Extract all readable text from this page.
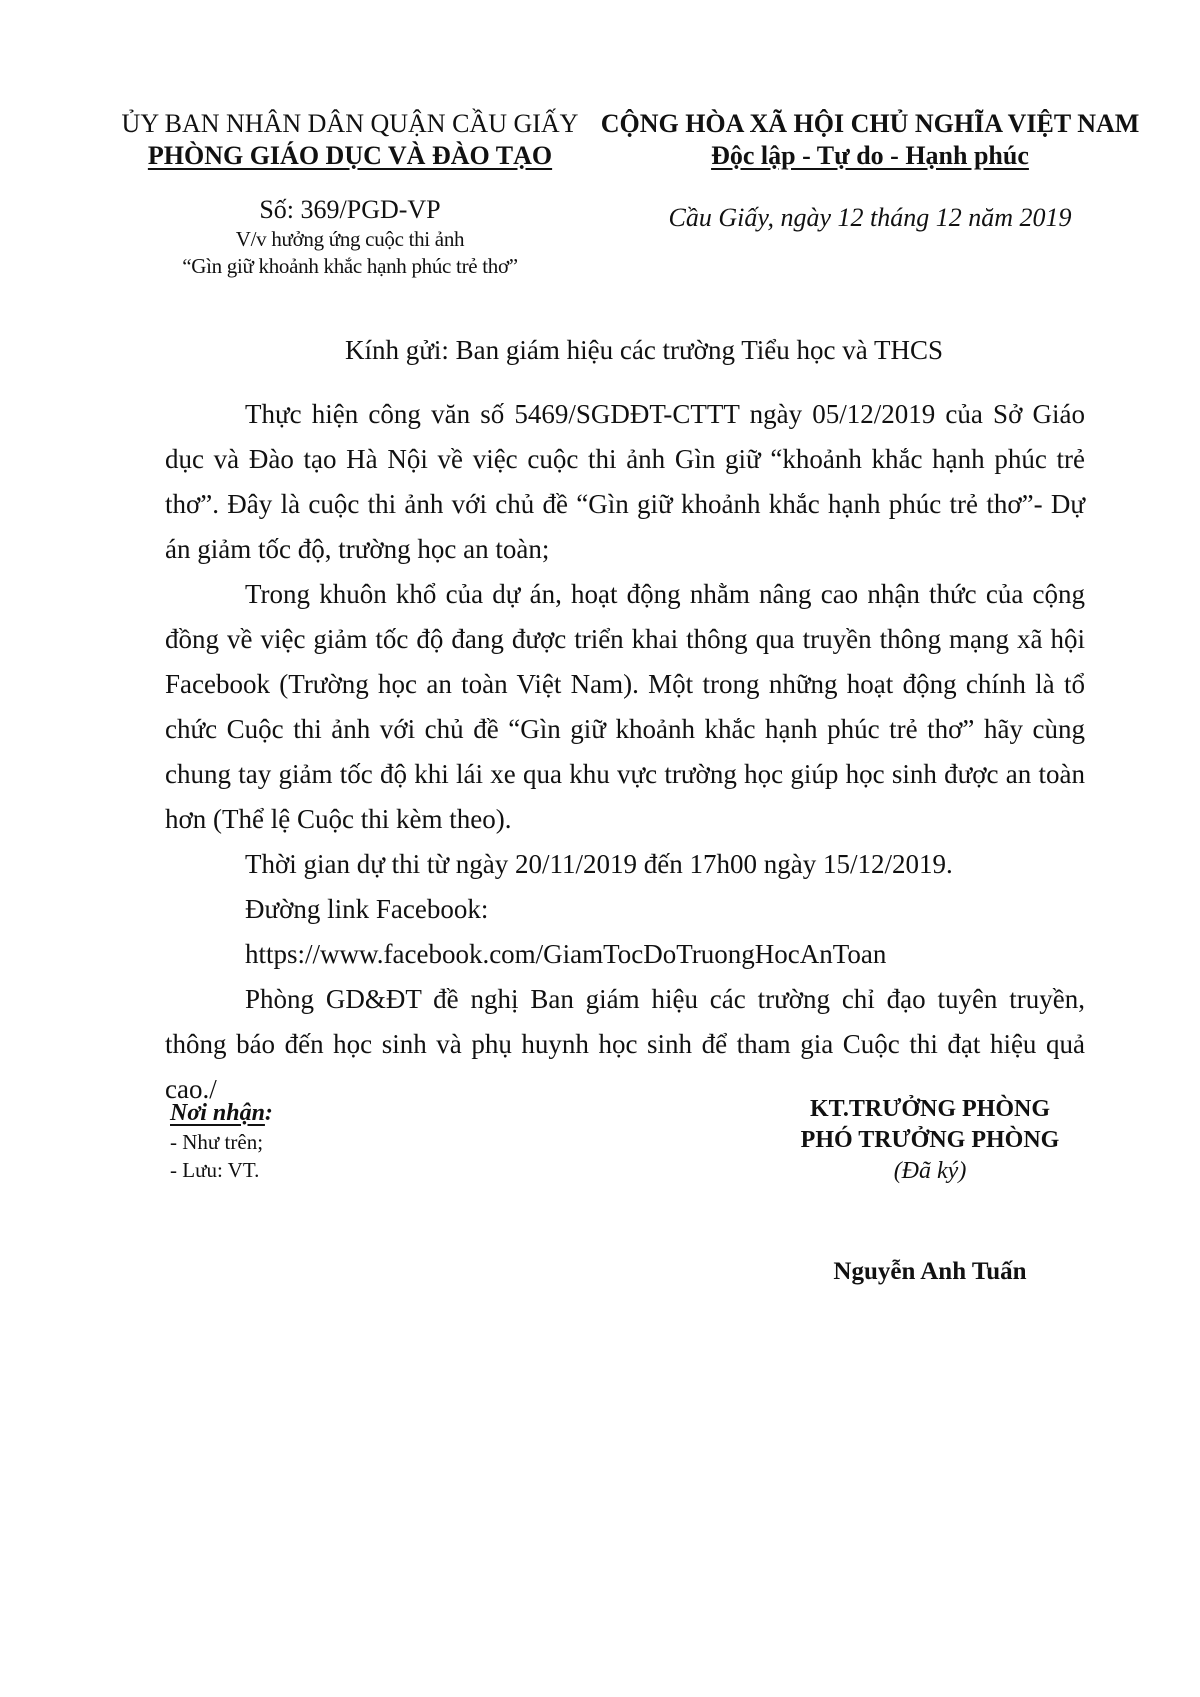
ỦY BAN NHÂN DÂN QUẬN CẦU GIẤY
PHÒNG GIÁO DỤC VÀ ĐÀO TẠO
Số: 369/PGD-VP
V/v hưởng ứng cuộc thi ảnh
“Gìn giữ khoảnh khắc hạnh phúc trẻ thơ”
CỘNG HÒA XÃ HỘI CHỦ NGHĨA VIỆT NAM
Độc lập - Tự do - Hạnh phúc
Cầu Giấy, ngày 12 tháng 12 năm 2019
Kính gửi: Ban giám hiệu các trường Tiểu học và THCS

Thực hiện công văn số 5469/SGDĐT-CTTT ngày 05/12/2019 của Sở Giáo dục và Đào tạo Hà Nội về việc cuộc thi ảnh Gìn giữ “khoảnh khắc hạnh phúc trẻ thơ”. Đây là cuộc thi ảnh với chủ đề “Gìn giữ khoảnh khắc hạnh phúc trẻ thơ”- Dự án giảm tốc độ, trường học an toàn;

Trong khuôn khổ của dự án, hoạt động nhằm nâng cao nhận thức của cộng đồng về việc giảm tốc độ đang được triển khai thông qua truyền thông mạng xã hội Facebook (Trường học an toàn Việt Nam). Một trong những hoạt động chính là tổ chức Cuộc thi ảnh với chủ đề “Gìn giữ khoảnh khắc hạnh phúc trẻ thơ” hãy cùng chung tay giảm tốc độ khi lái xe qua khu vực trường học giúp học sinh được an toàn hơn (Thể lệ Cuộc thi kèm theo).

Thời gian dự thi từ ngày 20/11/2019 đến 17h00 ngày 15/12/2019.

Đường link Facebook:

https://www.facebook.com/GiamTocDoTruongHocAnToan

Phòng GD&ĐT đề nghị Ban giám hiệu các trường chỉ đạo tuyên truyền, thông báo đến học sinh và phụ huynh học sinh để tham gia Cuộc thi đạt hiệu quả cao./

Nơi nhận:
- Như trên;
- Lưu: VT.
KT.TRƯỞNG PHÒNG
PHÓ TRƯỞNG PHÒNG
(Đã ký)
Nguyễn Anh Tuấn
